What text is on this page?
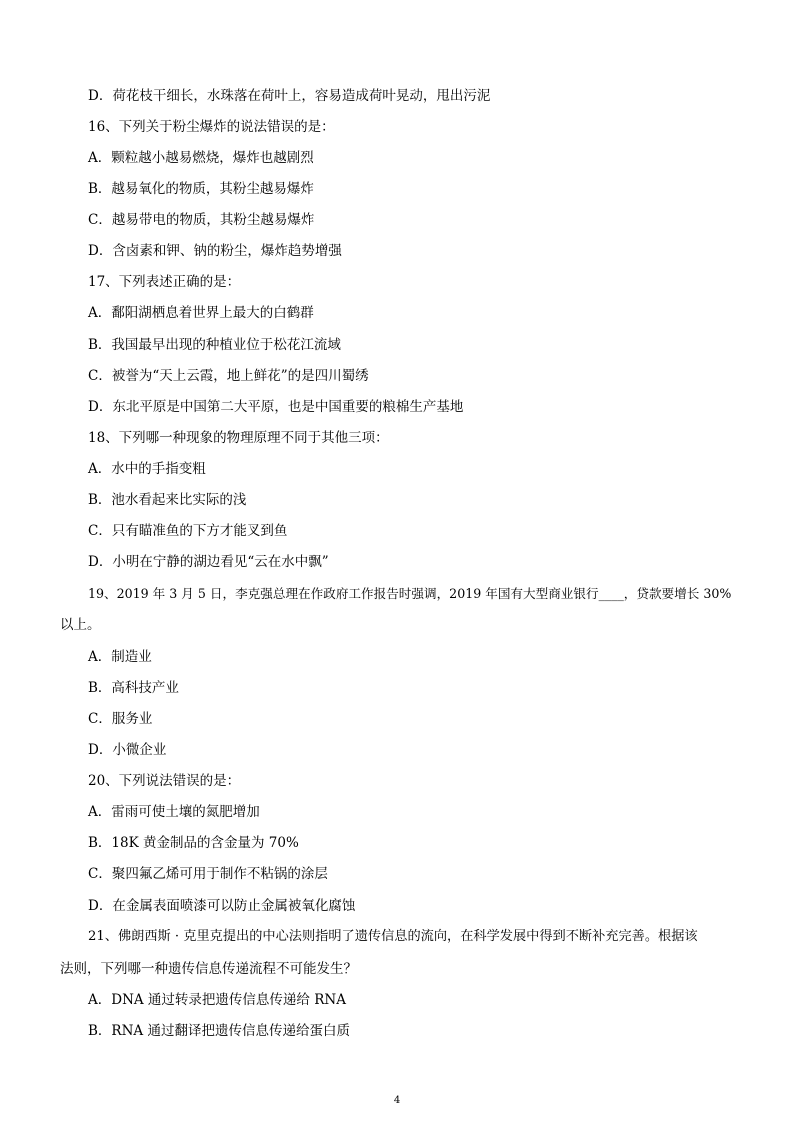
D．荷花枝干细长，水珠落在荷叶上，容易造成荷叶晃动，甩出污泥
16、下列关于粉尘爆炸的说法错误的是：
A．颗粒越小越易燃烧，爆炸也越剧烈
B．越易氧化的物质，其粉尘越易爆炸
C．越易带电的物质，其粉尘越易爆炸
D．含卤素和钾、钠的粉尘，爆炸趋势增强
17、下列表述正确的是：
A．鄱阳湖栖息着世界上最大的白鹤群
B．我国最早出现的种植业位于松花江流域
C．被誉为“天上云霞，地上鲜花”的是四川蜀绣
D．东北平原是中国第二大平原，也是中国重要的粮棉生产基地
18、下列哪一种现象的物理原理不同于其他三项：
A．水中的手指变粗
B．池水看起来比实际的浅
C．只有瞄准鱼的下方才能叉到鱼
D．小明在宁静的湖边看见“云在水中飘”
19、2019 年 3 月 5 日，李克强总理在作政府工作报告时强调，2019 年国有大型商业银行____，贷款要增长 30%
以上。
A．制造业
B．高科技产业
C．服务业
D．小微企业
20、下列说法错误的是：
A．雷雨可使土壤的氮肥增加
B．18K 黄金制品的含金量为 70%
C．聚四氟乙烯可用于制作不粘锅的涂层
D．在金属表面喷漆可以防止金属被氧化腐蚀
21、佛朗西斯 · 克里克提出的中心法则指明了遗传信息的流向，在科学发展中得到不断补充完善。根据该
法则，下列哪一种遗传信息传递流程不可能发生？
A．DNA 通过转录把遗传信息传递给 RNA
B．RNA 通过翻译把遗传信息传递给蛋白质
4
